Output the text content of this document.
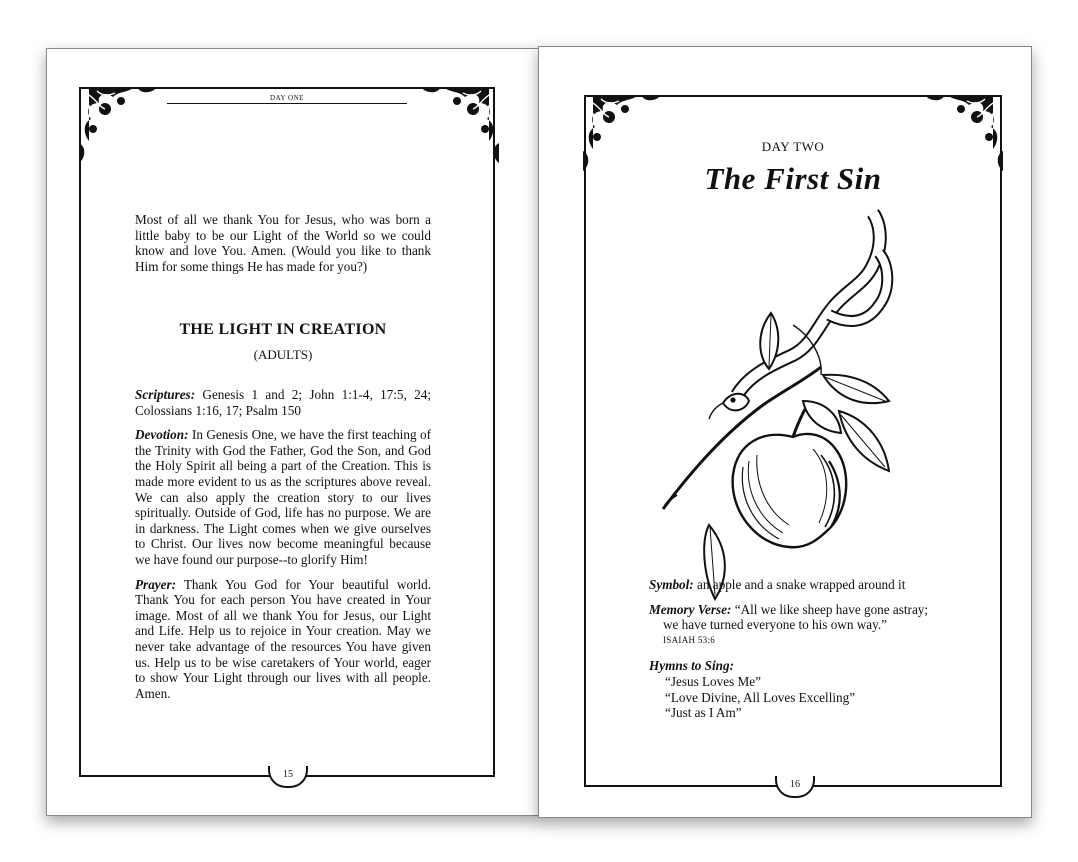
DAY ONE

Most of all we thank You for Jesus, who was born a little baby to be our Light of the World so we could know and love You. Amen. (Would you like to thank Him for some things He has made for you?)

THE LIGHT IN CREATION
(ADULTS)

Scriptures: Genesis 1 and 2; John 1:1-4, 17:5, 24; Colossians 1:16, 17; Psalm 150

Devotion: In Genesis One, we have the first teaching of the Trinity with God the Father, God the Son, and God the Holy Spirit all being a part of the Creation. This is made more evident to us as the scriptures above reveal. We can also apply the creation story to our lives spiritually. Outside of God, life has no purpose. We are in darkness. The Light comes when we give ourselves to Christ. Our lives now become meaningful because we have found our purpose--to glorify Him!

Prayer: Thank You God for Your beautiful world. Thank You for each person You have created in Your image. Most of all we thank You for Jesus, our Light and Life. Help us to rejoice in Your creation. May we never take advantage of the resources You have given us. Help us to be wise caretakers of Your world, eager to show Your Light through our lives with all people. Amen.

15
DAY TWO
The First Sin

Symbol: an apple and a snake wrapped around it

Memory Verse: “All we like sheep have gone astray;
we have turned everyone to his own way.”
ISAIAH 53:6

Hymns to Sing:
“Jesus Loves Me”
“Love Divine, All Loves Excelling”
“Just as I Am”

16
